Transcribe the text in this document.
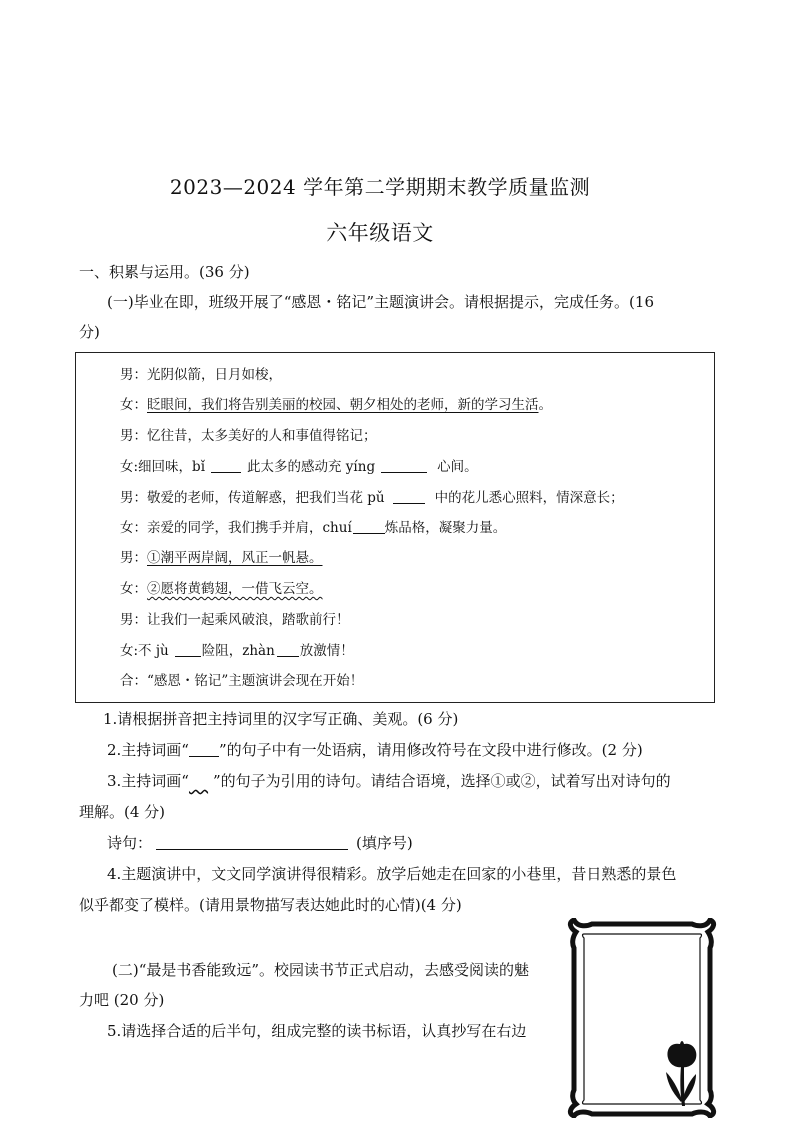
2023—2024 学年第二学期期末教学质量监测
六年级语文
一、积累与运用。(36 分)
(一)毕业在即，班级开展了“感恩・铭记”主题演讲会。请根据提示，完成任务。(16
分)
男：光阴似箭，日月如梭，
女：眨眼间，我们将告别美丽的校园、朝夕相处的老师，新的学习生活。
男：忆往昔，太多美好的人和事值得铭记；
女:细回味，bǐ	此太多的感动充 yíng	心间。
男：敬爱的老师，传道解惑，把我们当花 pǔ	中的花儿悉心照料，情深意长；
女：亲爱的同学，我们携手并肩，chuí 炼品格，凝聚力量。
男：①潮平两岸阔，风正一帆悬。
女：②愿将黄鹤翅，一借飞云空。
男：让我们一起乘风破浪，踏歌前行！
女:不 jù 险阻，zhàn 放激情！
合：“感恩・铭记”主题演讲会现在开始！
1.请根据拼音把主持词里的汉字写正确、美观。(6 分)
2.主持词画“ ”的句子中有一处语病，请用修改符号在文段中进行修改。(2 分)
3.主持词画“ ”的句子为引用的诗句。请结合语境，选择①或②，试着写出对诗句的
理解。(4 分)
诗句：	(填序号)
4.主题演讲中，文文同学演讲得很精彩。放学后她走在回家的小巷里，昔日熟悉的景色
似乎都变了模样。(请用景物描写表达她此时的心情)(4 分)
(二)“最是书香能致远”。校园读书节正式启动，去感受阅读的魅
力吧 (20 分)
5.请选择合适的后半句，组成完整的读书标语，认真抄写在右边
